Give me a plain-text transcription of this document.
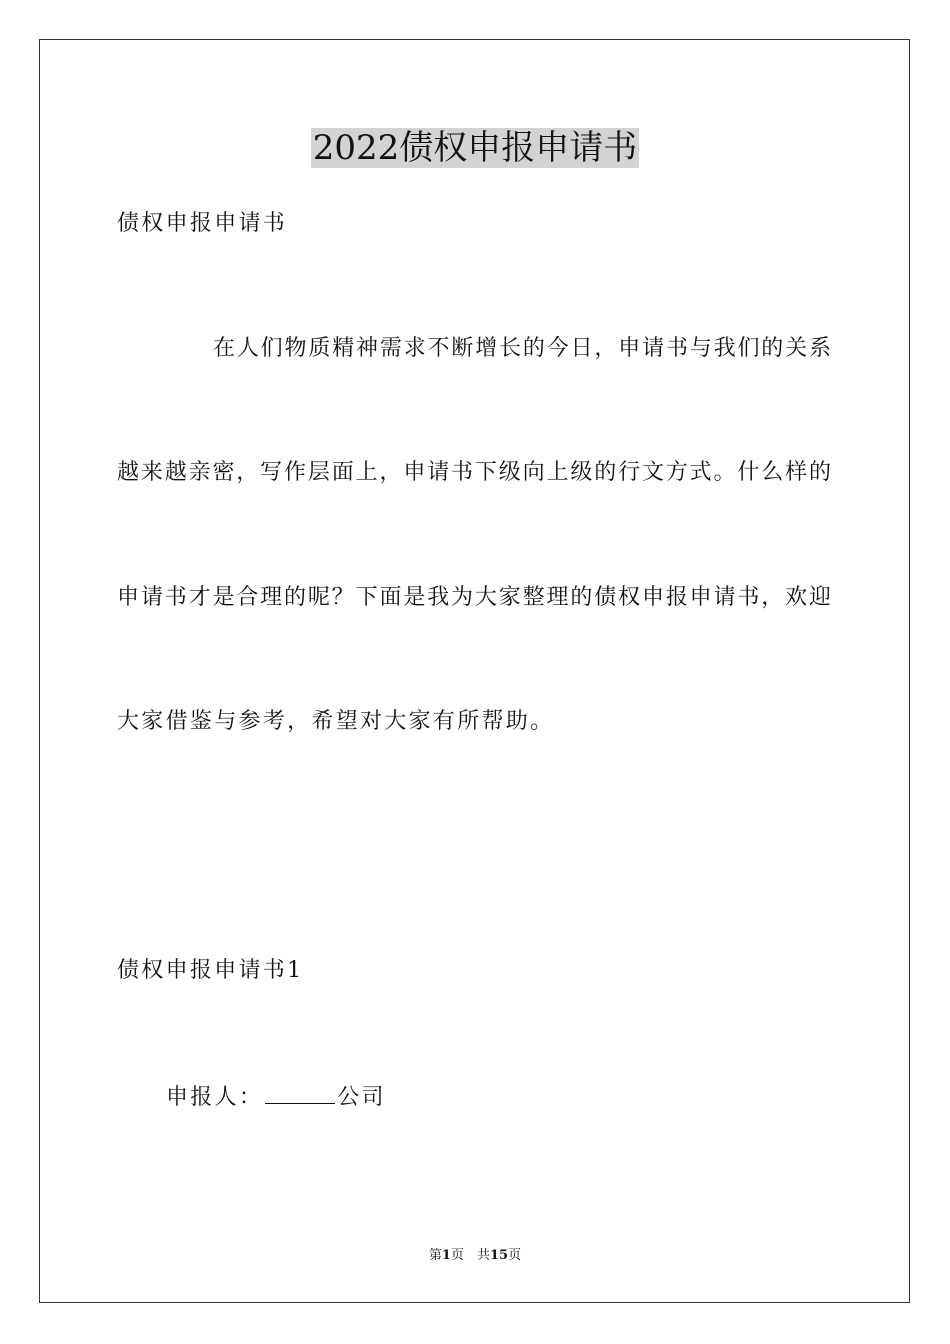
2022债权申报申请书
债权申报申请书
在人们物质精神需求不断增长的今日，申请书与我们的关系
越来越亲密，写作层面上，申请书下级向上级的行文方式。什么样的
申请书才是合理的呢？下面是我为大家整理的债权申报申请书，欢迎
大家借鉴与参考，希望对大家有所帮助。
债权申报申请书1
申报人：	公司
第1页　共15页
